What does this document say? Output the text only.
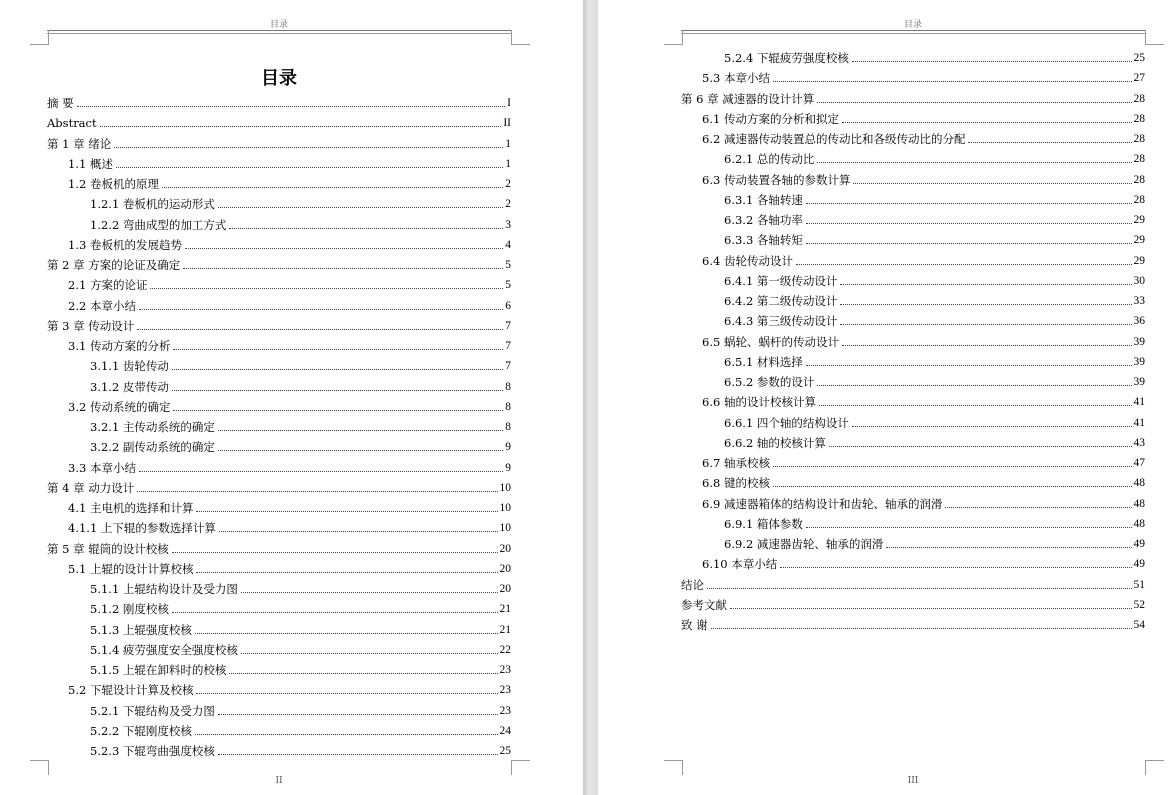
目录
目录
摘 要	I
Abstract	II
第 1 章 绪论	1
1.1 概述	1
1.2 卷板机的原理	2
1.2.1 卷板机的运动形式	2
1.2.2 弯曲成型的加工方式	3
1.3 卷板机的发展趋势	4
第 2 章 方案的论证及确定	5
2.1 方案的论证	5
2.2 本章小结	6
第 3 章 传动设计	7
3.1 传动方案的分析	7
3.1.1 齿轮传动	7
3.1.2 皮带传动	8
3.2 传动系统的确定	8
3.2.1 主传动系统的确定	8
3.2.2 副传动系统的确定	9
3.3 本章小结	9
第 4 章 动力设计	10
4.1 主电机的选择和计算	10
4.1.1 上下辊的参数选择计算	10
第 5 章 辊筒的设计校核	20
5.1 上辊的设计计算校核	20
5.1.1 上辊结构设计及受力图	20
5.1.2 刚度校核	21
5.1.3 上辊强度校核	21
5.1.4 疲劳强度安全强度校核	22
5.1.5 上辊在卸料时的校核	23
5.2 下辊设计计算及校核	23
5.2.1 下辊结构及受力图	23
5.2.2 下辊刚度校核	24
5.2.3 下辊弯曲强度校核	25
II
目录
5.2.4 下辊疲劳强度校核	25
5.3 本章小结	27
第 6 章 减速器的设计计算	28
6.1 传动方案的分析和拟定	28
6.2 减速器传动装置总的传动比和各级传动比的分配	28
6.2.1 总的传动比	28
6.3 传动装置各轴的参数计算	28
6.3.1 各轴转速	28
6.3.2 各轴功率	29
6.3.3 各轴转矩	29
6.4 齿轮传动设计	29
6.4.1 第一级传动设计	30
6.4.2 第二级传动设计	33
6.4.3 第三级传动设计	36
6.5 蜗轮、蜗杆的传动设计	39
6.5.1 材料选择	39
6.5.2 参数的设计	39
6.6 轴的设计校核计算	41
6.6.1 四个轴的结构设计	41
6.6.2 轴的校核计算	43
6.7 轴承校核	47
6.8 键的校核	48
6.9 减速器箱体的结构设计和齿轮、轴承的润滑	48
6.9.1 箱体参数	48
6.9.2 减速器齿轮、轴承的润滑	49
6.10 本章小结	49
结论	51
参考文献	52
致 谢	54
III
